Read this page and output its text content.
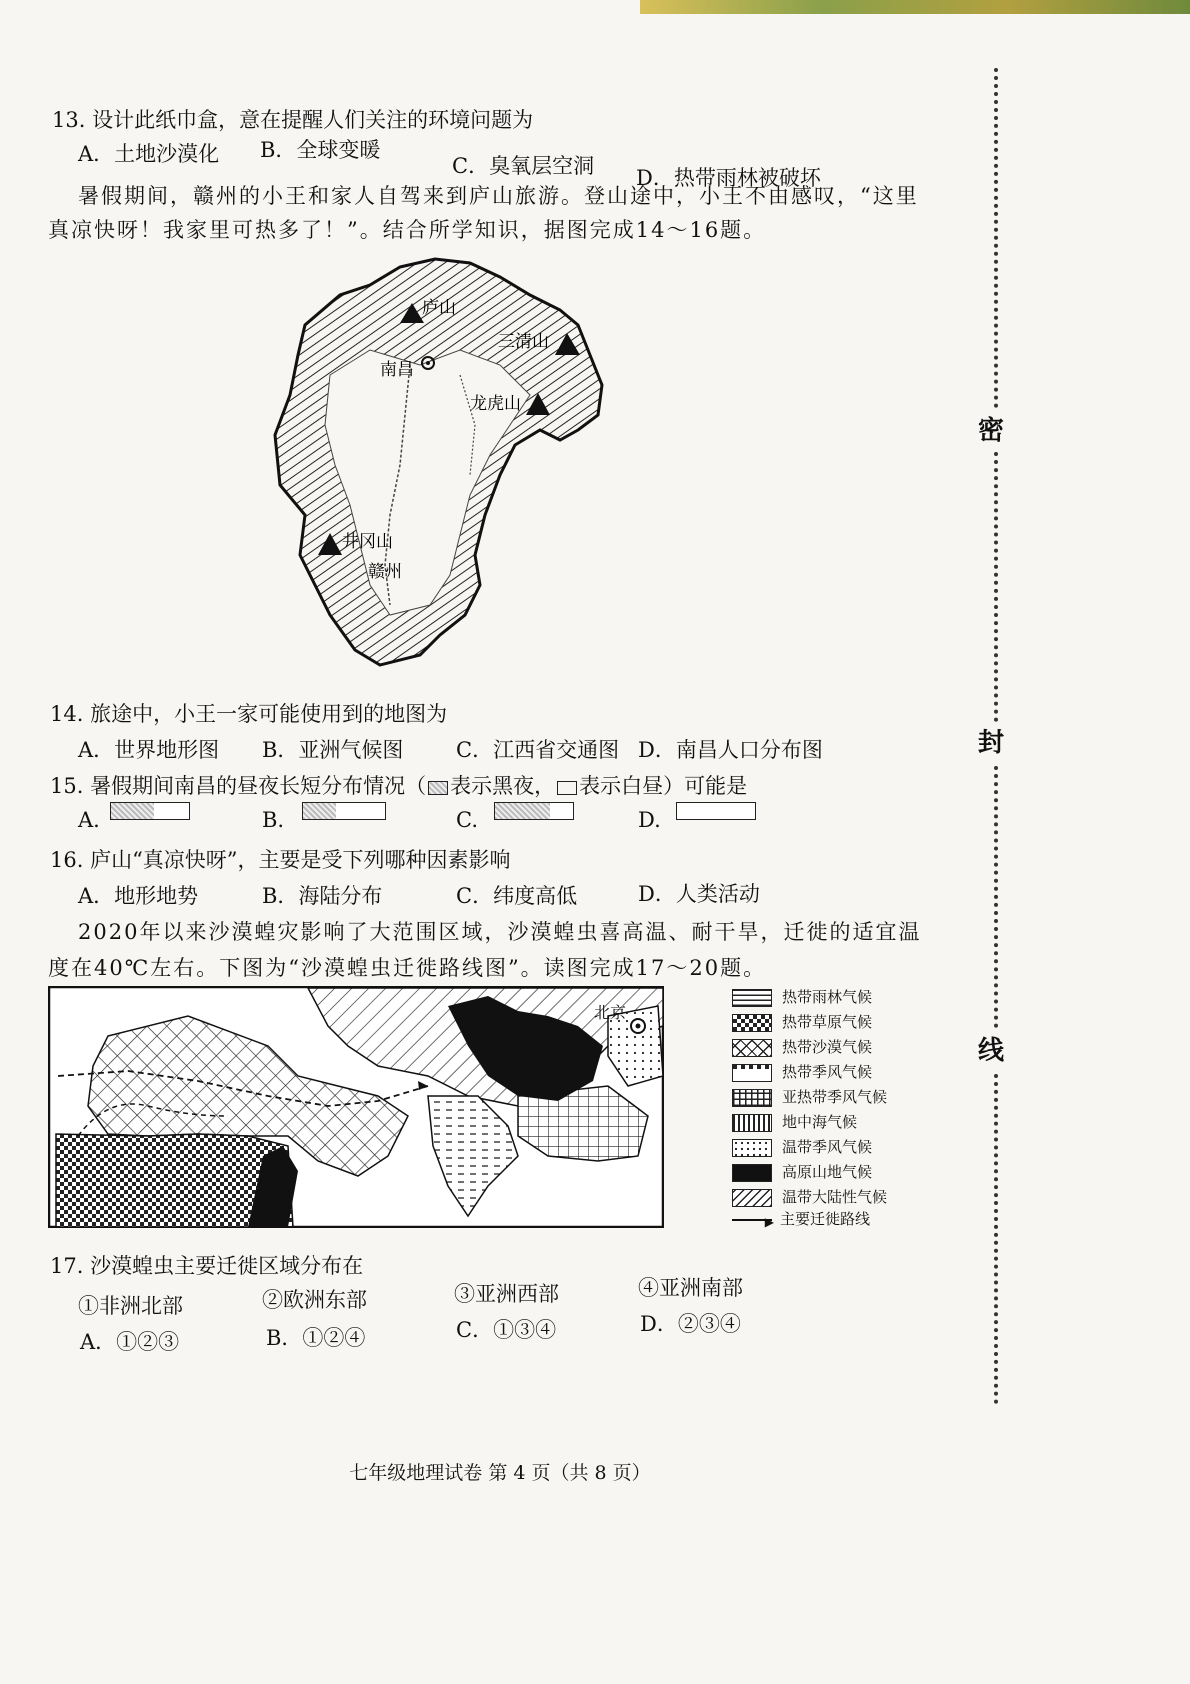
13. 设计此纸巾盒，意在提醒人们关注的环境问题为
A．土地沙漠化 B．全球变暖
C．臭氧层空洞 D．热带雨林被破坏
暑假期间，赣州的小王和家人自驾来到庐山旅游。登山途中，小王不由感叹，“这里
真凉快呀！我家里可热多了！”。结合所学知识，据图完成14～16题。
庐山
三清山
南昌
龙虎山
井冈山
赣州
14. 旅途中，小王一家可能使用到的地图为
A．世界地形图 B．亚洲气候图	C．江西省交通图 D．南昌人口分布图
15. 暑假期间南昌的昼夜长短分布情况（ 表示黑夜， 表示白昼）可能是
A.	B.	C.	D.
16. 庐山“真凉快呀”，主要是受下列哪种因素影响
A．地形地势	B．海陆分布	C．纬度高低	D．人类活动
2020年以来沙漠蝗灾影响了大范围区域，沙漠蝗虫喜高温、耐干旱，迁徙的适宜温
度在40℃左右。下图为“沙漠蝗虫迁徙路线图”。读图完成17～20题。
北京
热带雨林气候
热带草原气候
热带沙漠气候
热带季风气候
亚热带季风气候
地中海气候
温带季风气候
高原山地气候
温带大陆性气候
▶ 主要迁徙路线
17. 沙漠蝗虫主要迁徙区域分布在
①非洲北部	②欧洲东部	③亚洲西部	④亚洲南部
A．①②③	B．①②④	C．①③④	D．②③④
七年级地理试卷 第 4 页（共 8 页）
密
封
线
